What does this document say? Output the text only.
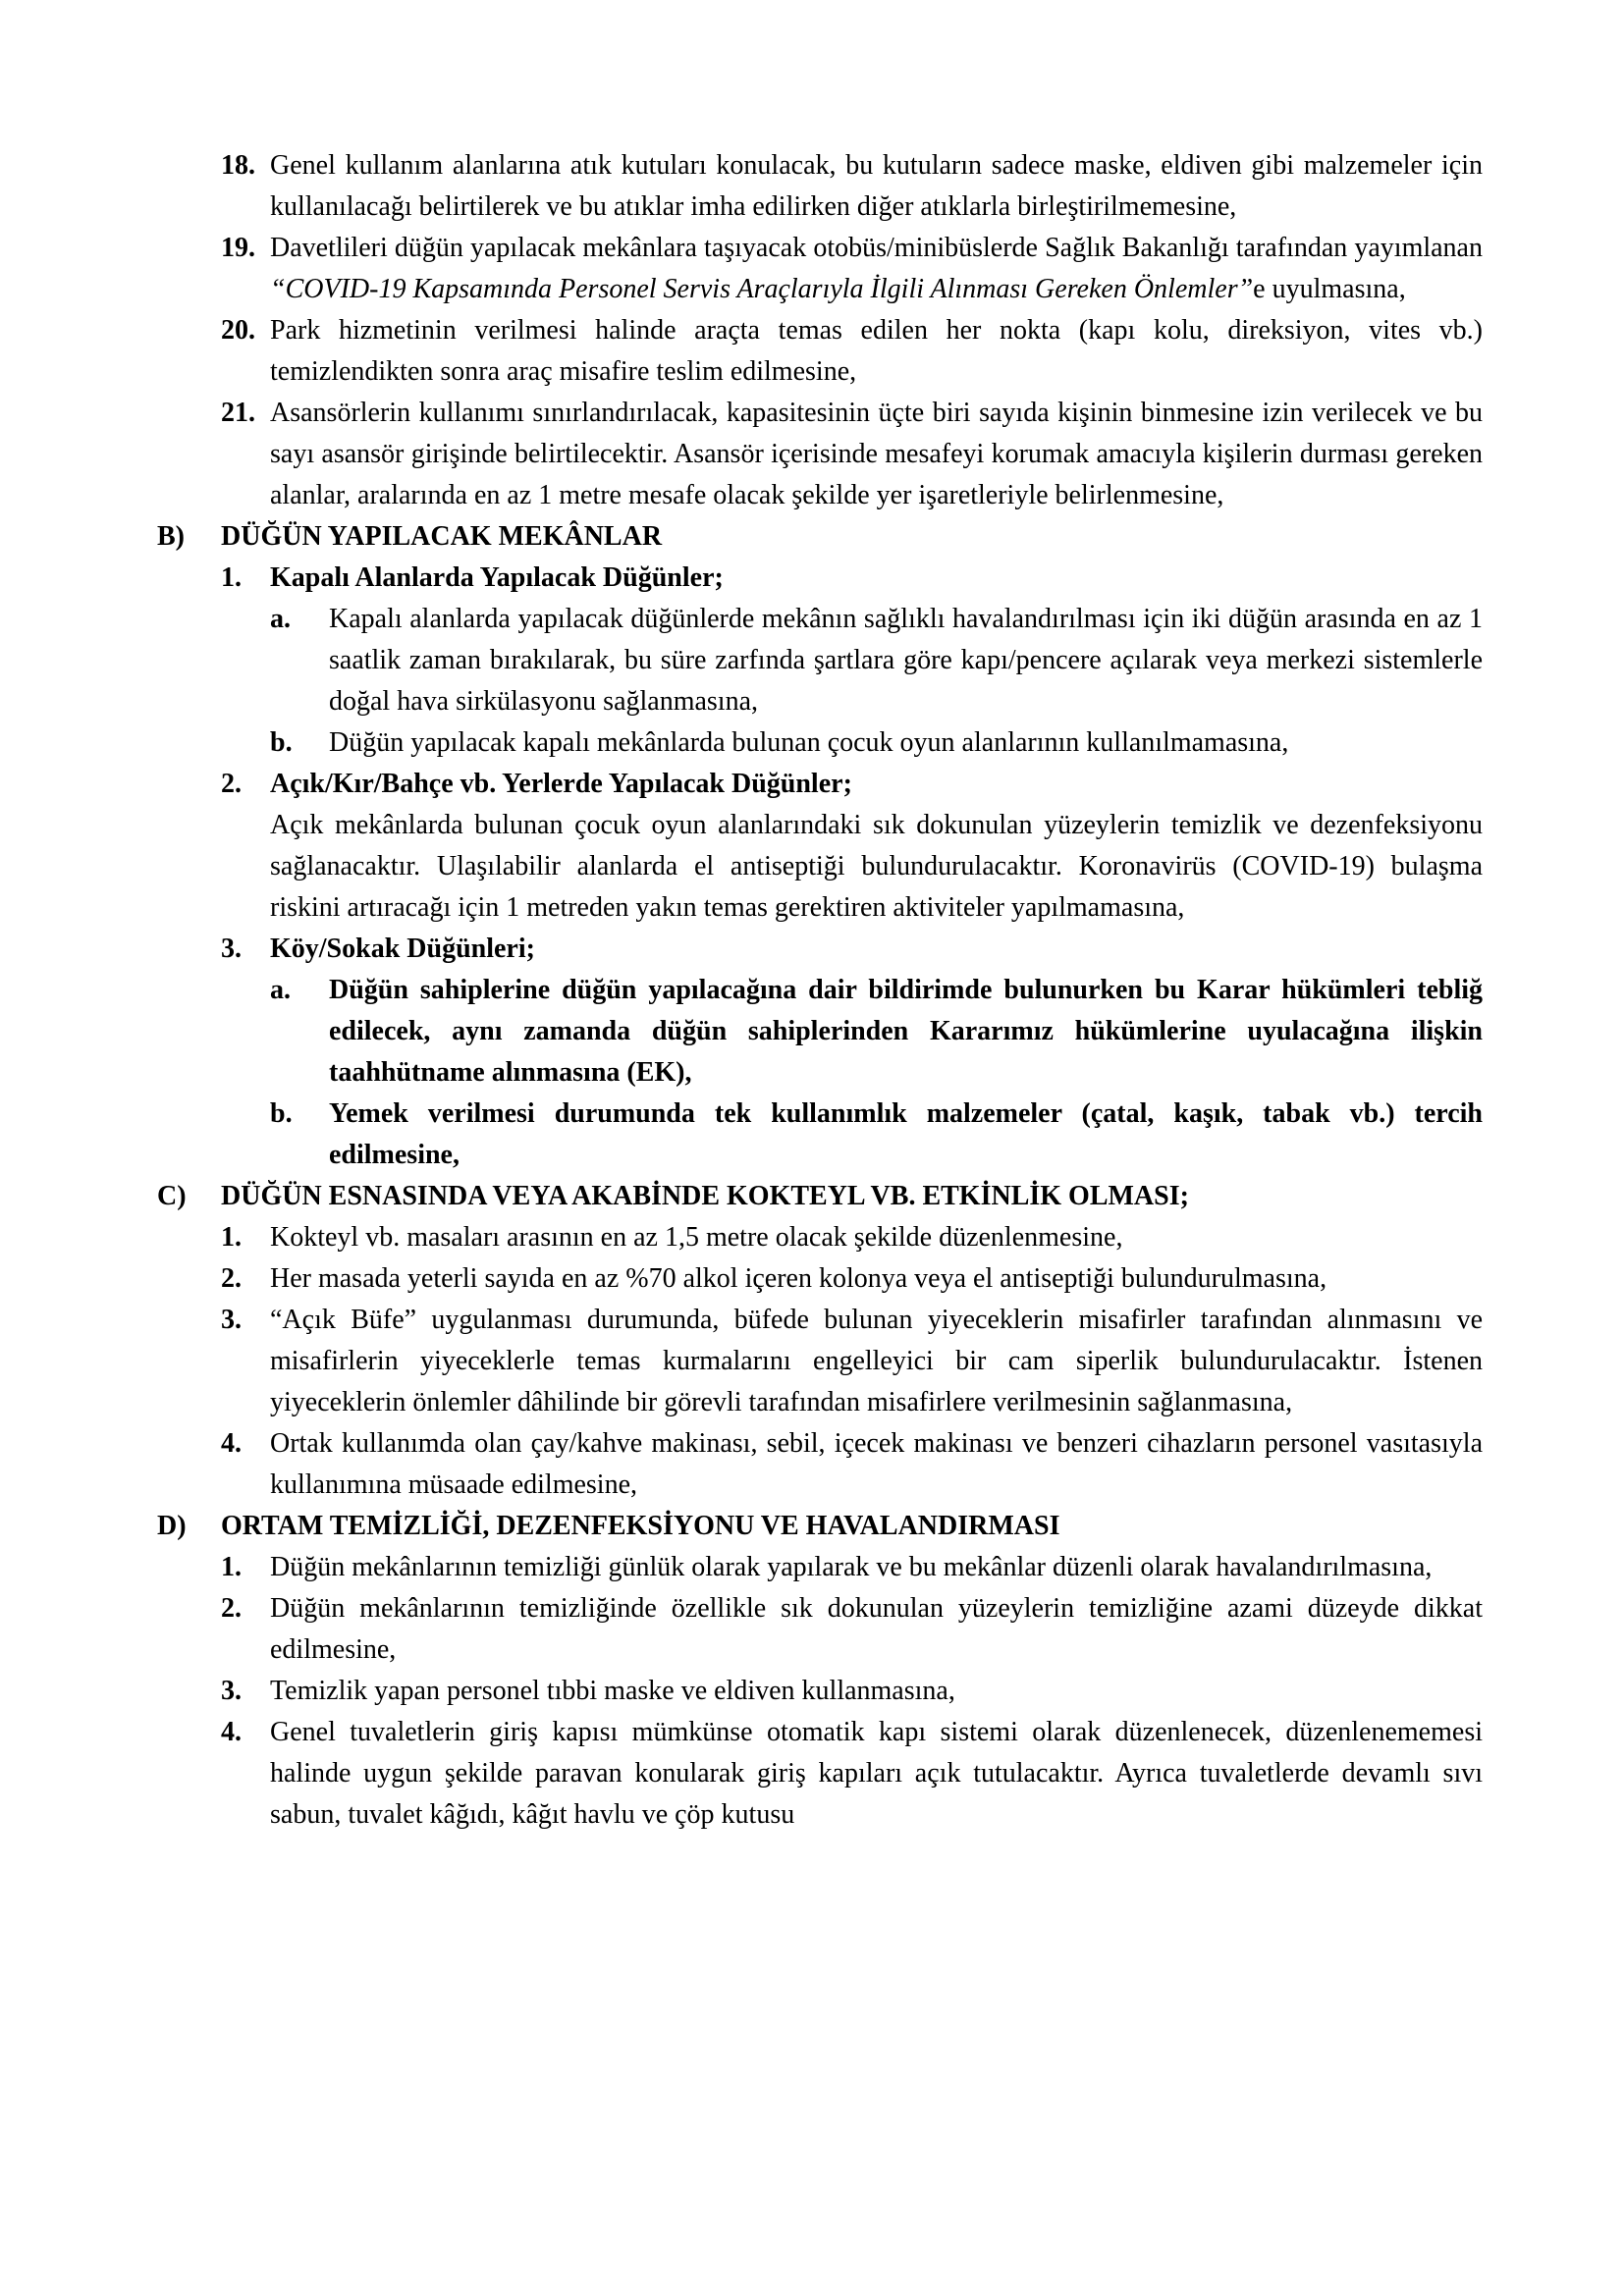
18. Genel kullanım alanlarına atık kutuları konulacak, bu kutuların sadece maske, eldiven gibi malzemeler için kullanılacağı belirtilerek ve bu atıklar imha edilirken diğer atıklarla birleştirilmemesine,
19. Davetlileri düğün yapılacak mekânlara taşıyacak otobüs/minibüslerde Sağlık Bakanlığı tarafından yayımlanan “COVID-19 Kapsamında Personel Servis Araçlarıyla İlgili Alınması Gereken Önlemler”e uyulmasına,
20. Park hizmetinin verilmesi halinde araçta temas edilen her nokta (kapı kolu, direksiyon, vites vb.) temizlendikten sonra araç misafire teslim edilmesine,
21. Asansörlerin kullanımı sınırlandırılacak, kapasitesinin üçte biri sayıda kişinin binmesine izin verilecek ve bu sayı asansör girişinde belirtilecektir. Asansör içerisinde mesafeyi korumak amacıyla kişilerin durması gereken alanlar, aralarında en az 1 metre mesafe olacak şekilde yer işaretleriyle belirlenmesine,
B) DÜĞÜN YAPILACAK MEKÂNLAR
1. Kapalı Alanlarda Yapılacak Düğünler;
a. Kapalı alanlarda yapılacak düğünlerde mekânın sağlıklı havalandırılması için iki düğün arasında en az 1 saatlik zaman bırakılarak, bu süre zarfında şartlara göre kapı/pencere açılarak veya merkezi sistemlerle doğal hava sirkülasyonu sağlanmasına,
b. Düğün yapılacak kapalı mekânlarda bulunan çocuk oyun alanlarının kullanılmamasına,
2. Açık/Kır/Bahçe vb. Yerlerde Yapılacak Düğünler;
Açık mekânlarda bulunan çocuk oyun alanlarındaki sık dokunulan yüzeylerin temizlik ve dezenfeksiyonu sağlanacaktır. Ulaşılabilir alanlarda el antiseptiği bulundurulacaktır. Koronavirüs (COVID-19) bulaşma riskini artıracağı için 1 metreden yakın temas gerektiren aktiviteler yapılmamasına,
3. Köy/Sokak Düğünleri;
a. Düğün sahiplerine düğün yapılacağına dair bildirimde bulunurken bu Karar hükümleri tebliğ edilecek, aynı zamanda düğün sahiplerinden Kararımız hükümlerine uyulacağına ilişkin taahhütname alınmasına (EK),
b. Yemek verilmesi durumunda tek kullanımlık malzemeler (çatal, kaşık, tabak vb.) tercih edilmesine,
C) DÜĞÜN ESNASINDA VEYA AKABİNDE KOKTEYL VB. ETKİNLİK OLMASI;
1. Kokteyl vb. masaları arasının en az 1,5 metre olacak şekilde düzenlenmesine,
2. Her masada yeterli sayıda en az %70 alkol içeren kolonya veya el antiseptiği bulundurulmasına,
3. “Açık Büfe” uygulanması durumunda, büfede bulunan yiyeceklerin misafirler tarafından alınmasını ve misafirlerin yiyeceklerle temas kurmalarını engelleyici bir cam siperlik bulundurulacaktır. İstenen yiyeceklerin önlemler dâhilinde bir görevli tarafından misafirlere verilmesinin sağlanmasına,
4. Ortak kullanımda olan çay/kahve makinası, sebil, içecek makinası ve benzeri cihazların personel vasıtasıyla kullanımına müsaade edilmesine,
D) ORTAM TEMİZLİĞİ, DEZENFEKSİYONU VE HAVALANDIRMASI
1. Düğün mekânlarının temizliği günlük olarak yapılarak ve bu mekânlar düzenli olarak havalandırılmasına,
2. Düğün mekânlarının temizliğinde özellikle sık dokunulan yüzeylerin temizliğine azami düzeyde dikkat edilmesine,
3. Temizlik yapan personel tıbbi maske ve eldiven kullanmasına,
4. Genel tuvaletlerin giriş kapısı mümkünse otomatik kapı sistemi olarak düzenlenecek, düzenlenememesi halinde uygun şekilde paravan konularak giriş kapıları açık tutulacaktır. Ayrıca tuvaletlerde devamlı sıvı sabun, tuvalet kâğıdı, kâğıt havlu ve çöp kutusu
